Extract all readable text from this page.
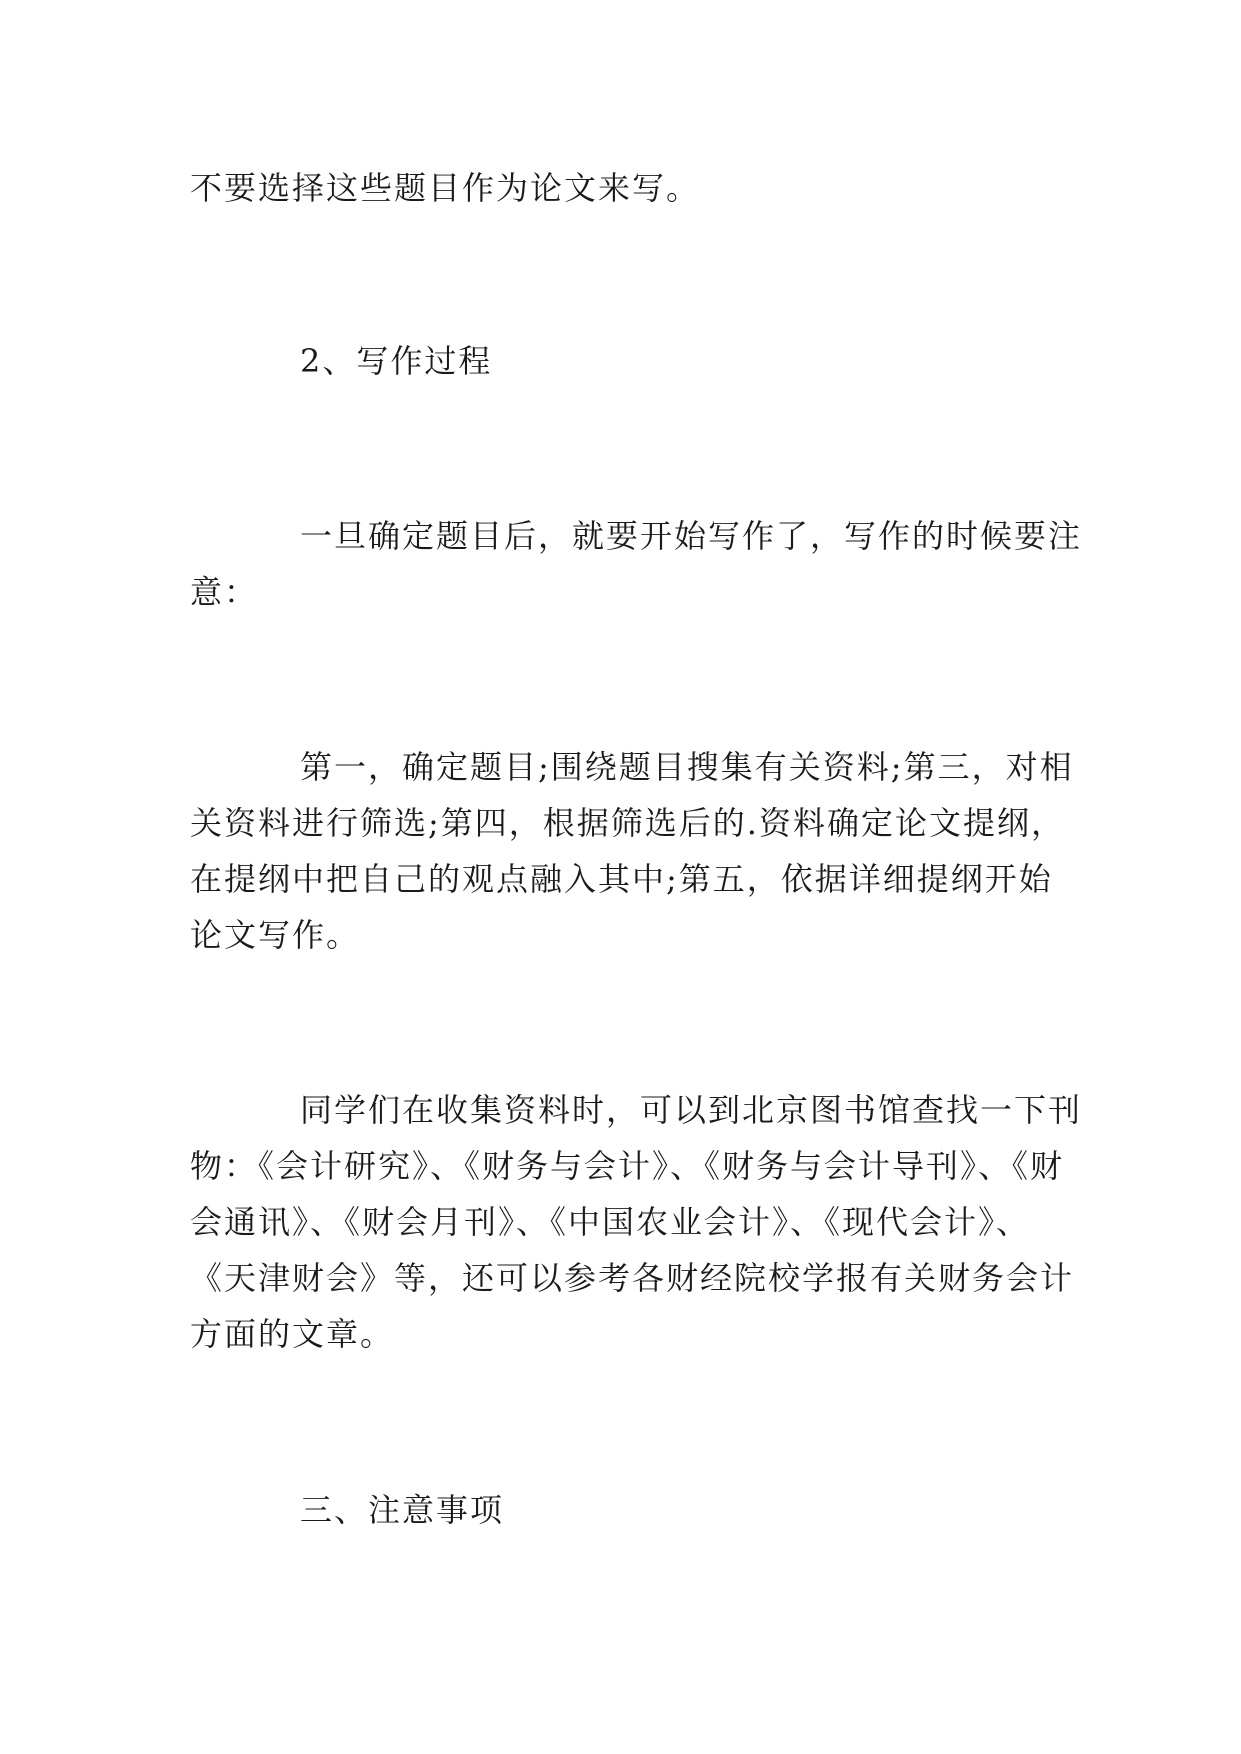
不要选择这些题目作为论文来写。
2、写作过程
一旦确定题目后，就要开始写作了，写作的时候要注
意：
第一，确定题目;围绕题目搜集有关资料;第三，对相
关资料进行筛选;第四，根据筛选后的.资料确定论文提纲，
在提纲中把自己的观点融入其中;第五，依据详细提纲开始
论文写作。
同学们在收集资料时，可以到北京图书馆查找一下刊
物：《会计研究》、《财务与会计》、《财务与会计导刊》、《财
会通讯》、《财会月刊》、《中国农业会计》、《现代会计》、
《天津财会》等，还可以参考各财经院校学报有关财务会计
方面的文章。
三、注意事项
